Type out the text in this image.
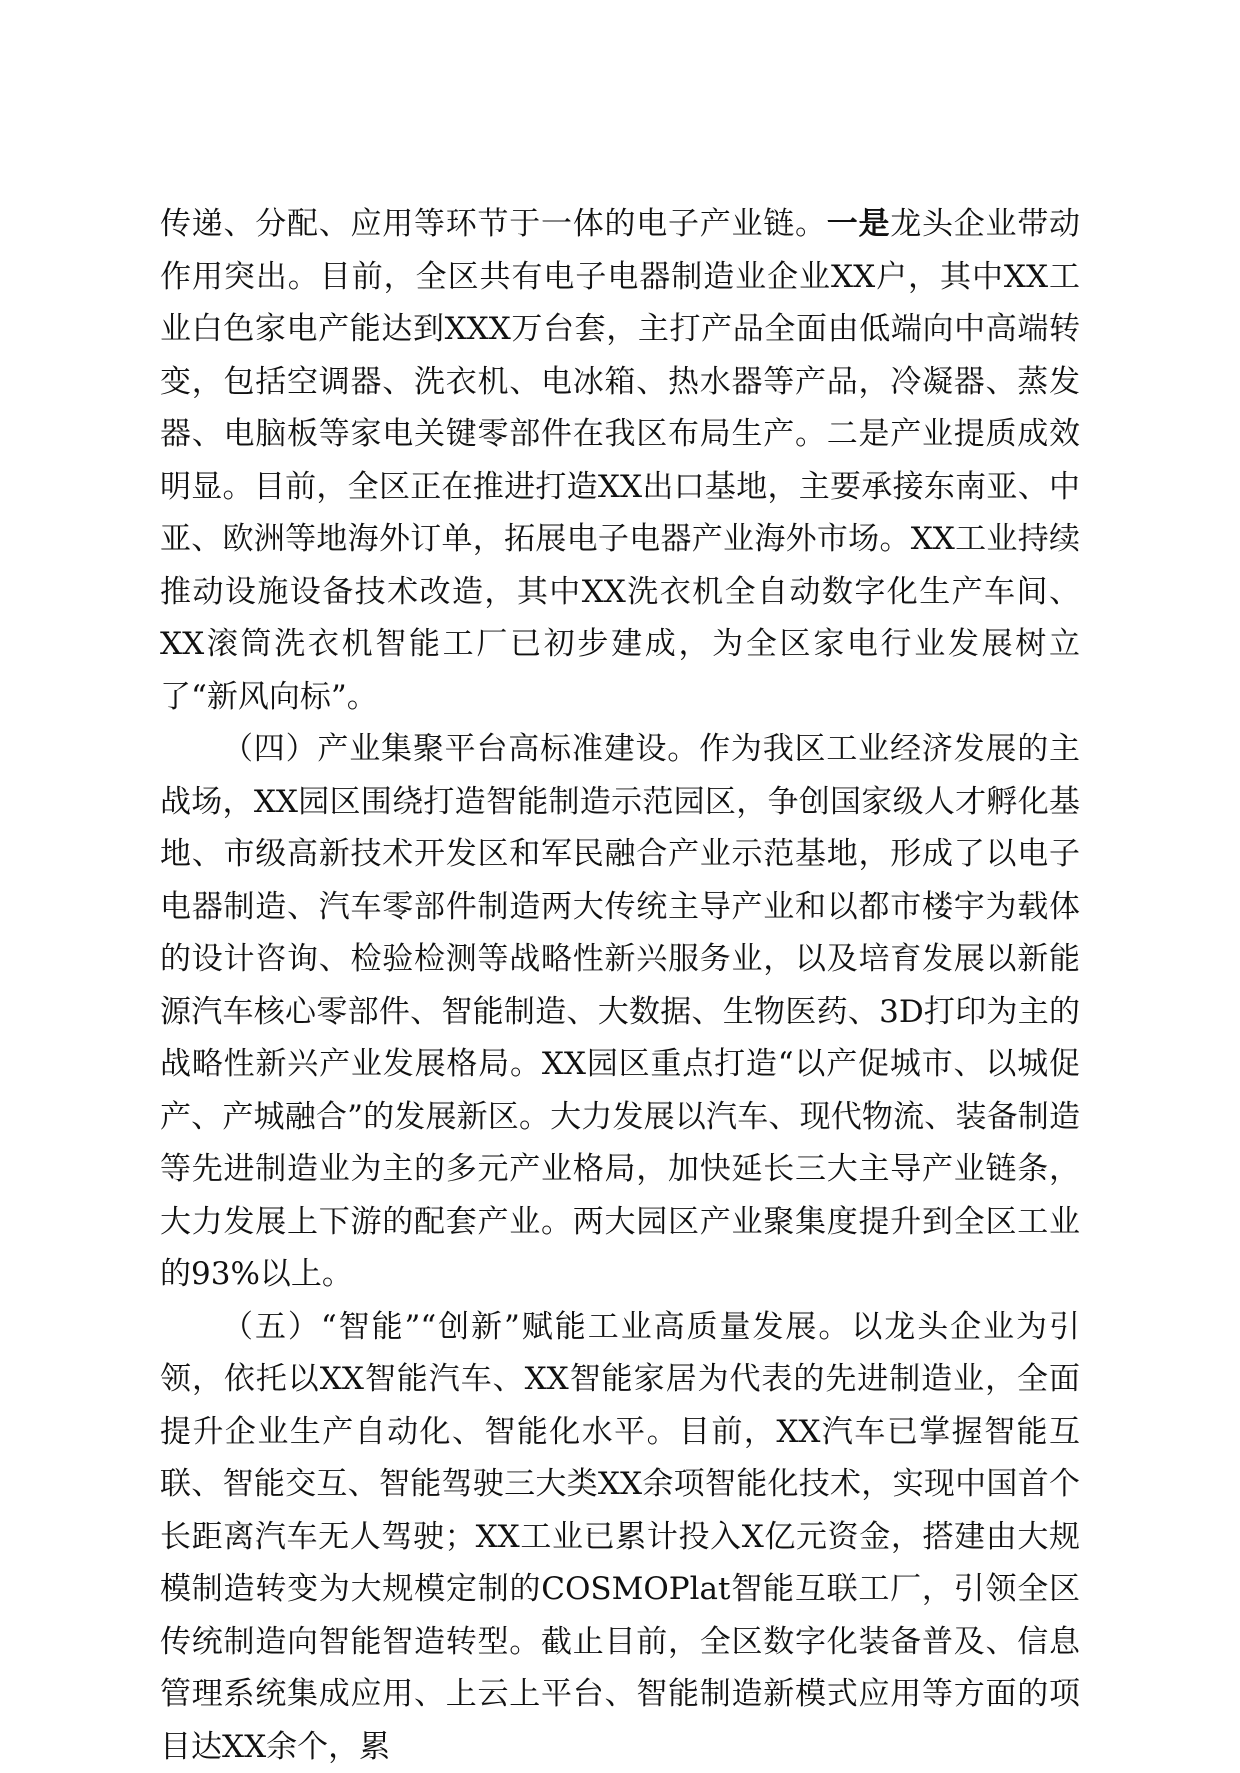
传递、分配、应用等环节于一体的电子产业链。一是龙头企业带动作用突出。目前，全区共有电子电器制造业企业XX户，其中XX工业白色家电产能达到XXX万台套，主打产品全面由低端向中高端转变，包括空调器、洗衣机、电冰箱、热水器等产品，冷凝器、蒸发器、电脑板等家电关键零部件在我区布局生产。二是产业提质成效明显。目前，全区正在推进打造XX出口基地，主要承接东南亚、中亚、欧洲等地海外订单，拓展电子电器产业海外市场。XX工业持续推动设施设备技术改造，其中XX洗衣机全自动数字化生产车间、XX滚筒洗衣机智能工厂已初步建成，为全区家电行业发展树立了“新风向标”。

（四）产业集聚平台高标准建设。作为我区工业经济发展的主战场，XX园区围绕打造智能制造示范园区，争创国家级人才孵化基地、市级高新技术开发区和军民融合产业示范基地，形成了以电子电器制造、汽车零部件制造两大传统主导产业和以都市楼宇为载体的设计咨询、检验检测等战略性新兴服务业，以及培育发展以新能源汽车核心零部件、智能制造、大数据、生物医药、3D打印为主的战略性新兴产业发展格局。XX园区重点打造“以产促城市、以城促产、产城融合”的发展新区。大力发展以汽车、现代物流、装备制造等先进制造业为主的多元产业格局，加快延长三大主导产业链条，大力发展上下游的配套产业。两大园区产业聚集度提升到全区工业的93%以上。

（五）“智能”“创新”赋能工业高质量发展。以龙头企业为引领，依托以XX智能汽车、XX智能家居为代表的先进制造业，全面提升企业生产自动化、智能化水平。目前，XX汽车已掌握智能互联、智能交互、智能驾驶三大类XX余项智能化技术，实现中国首个长距离汽车无人驾驶；XX工业已累计投入X亿元资金，搭建由大规模制造转变为大规模定制的COSMOPlat智能互联工厂，引领全区传统制造向智能智造转型。截止目前，全区数字化装备普及、信息管理系统集成应用、上云上平台、智能制造新模式应用等方面的项目达XX余个，累
